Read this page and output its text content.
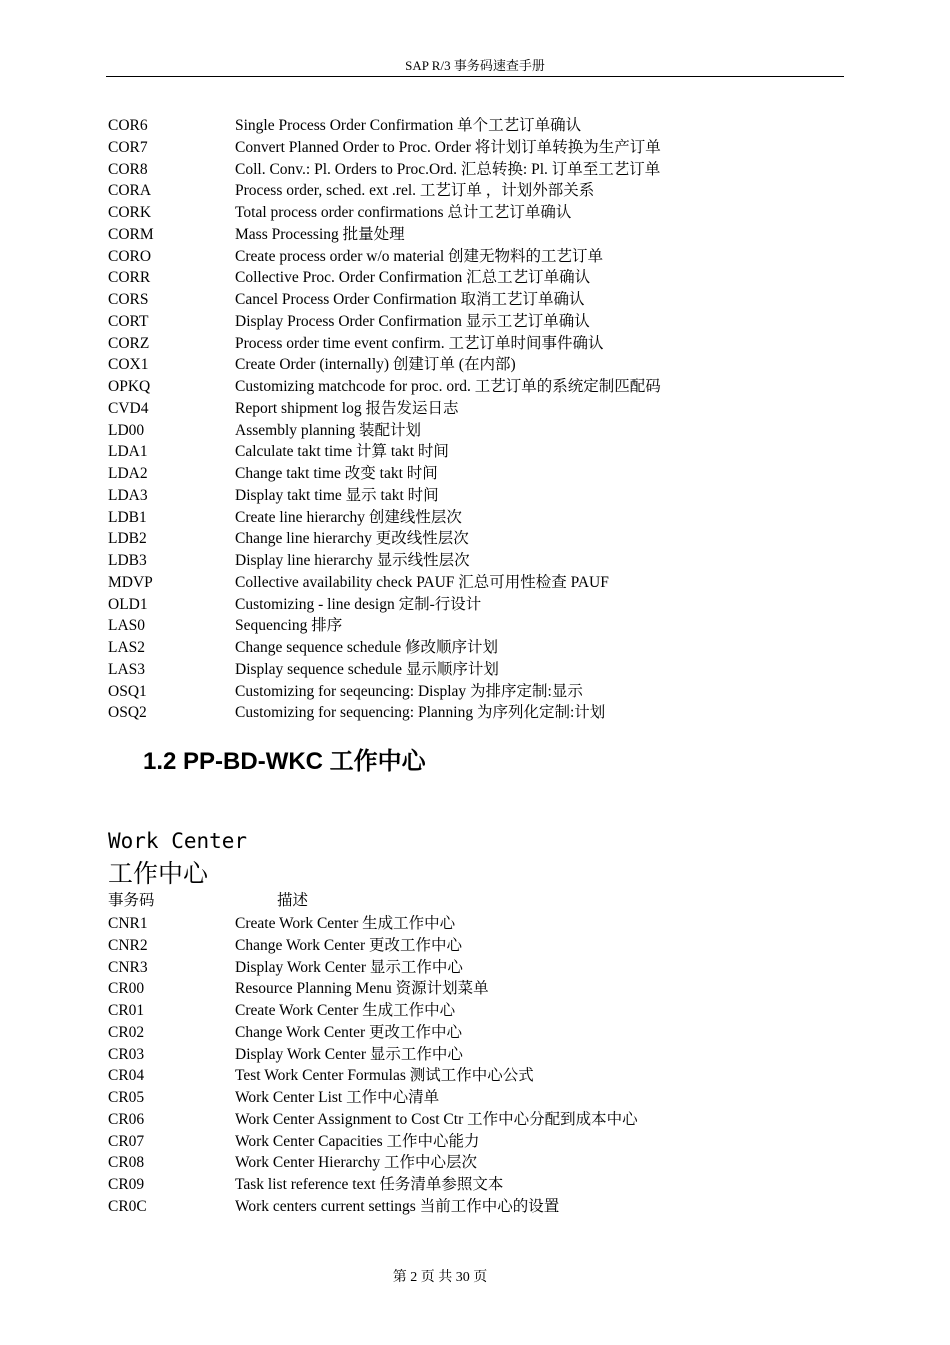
SAP R/3 事务码速查手册
COR6	Single Process Order Confirmation 单个工艺订单确认
COR7	Convert Planned Order to Proc. Order 将计划订单转换为生产订单
COR8	Coll. Conv.: Pl. Orders to Proc.Ord. 汇总转换: Pl. 订单至工艺订单
CORA	Process order, sched. ext .rel. 工艺订单 ，计划外部关系
CORK	Total process order confirmations 总计工艺订单确认
CORM	Mass Processing 批量处理
CORO	Create process order w/o material 创建无物料的工艺订单
CORR	Collective Proc. Order Confirmation 汇总工艺订单确认
CORS	Cancel Process Order Confirmation 取消工艺订单确认
CORT	Display Process Order Confirmation 显示工艺订单确认
CORZ	Process order time event confirm. 工艺订单时间事件确认
COX1	Create Order (internally) 创建订单 (在内部)
OPKQ	Customizing matchcode for proc. ord. 工艺订单的系统定制匹配码
CVD4	Report shipment log 报告发运日志
LD00	Assembly planning 装配计划
LDA1	Calculate takt time 计算 takt 时间
LDA2	Change takt time 改变 takt 时间
LDA3	Display takt time 显示 takt 时间
LDB1	Create line hierarchy 创建线性层次
LDB2	Change line hierarchy 更改线性层次
LDB3	Display line hierarchy 显示线性层次
MDVP	Collective availability check PAUF 汇总可用性检查 PAUF
OLD1	Customizing - line design 定制-行设计
LAS0	Sequencing 排序
LAS2	Change sequence schedule 修改顺序计划
LAS3	Display sequence schedule 显示顺序计划
OSQ1	Customizing for seqeuncing: Display 为排序定制:显示
OSQ2	Customizing for sequencing: Planning 为序列化定制:计划
1.2 PP-BD-WKC 工作中心
Work Center
工作中心
事务码	描述
CNR1	Create Work Center 生成工作中心
CNR2	Change Work Center 更改工作中心
CNR3	Display Work Center 显示工作中心
CR00	Resource Planning Menu 资源计划菜单
CR01	Create Work Center 生成工作中心
CR02	Change Work Center 更改工作中心
CR03	Display Work Center 显示工作中心
CR04	Test Work Center Formulas 测试工作中心公式
CR05	Work Center List 工作中心清单
CR06	Work Center Assignment to Cost Ctr 工作中心分配到成本中心
CR07	Work Center Capacities 工作中心能力
CR08	Work Center Hierarchy 工作中心层次
CR09	Task list reference text 任务清单参照文本
CR0C	Work centers current settings 当前工作中心的设置
第 2 页 共 30 页
